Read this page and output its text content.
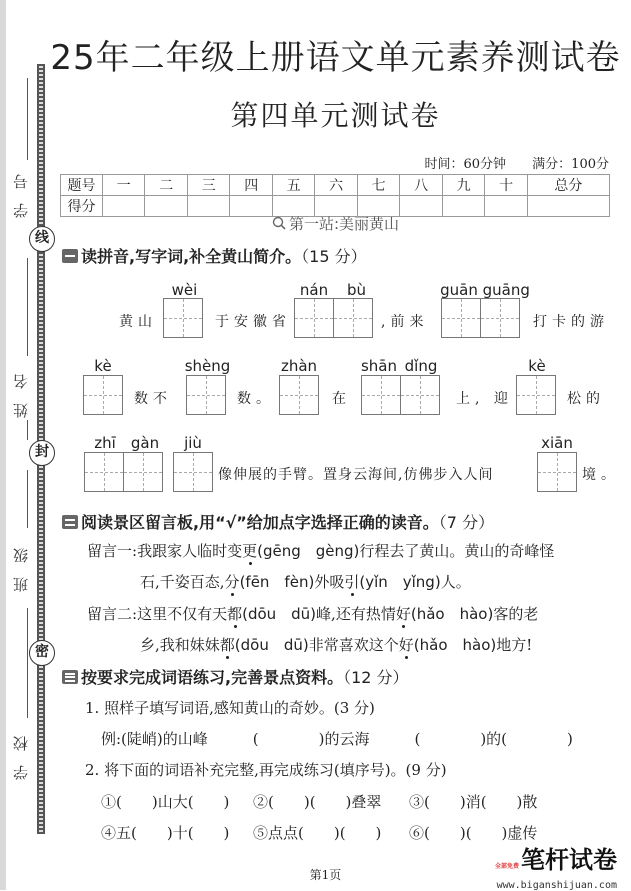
学号
线
姓名
封
班级
密
学校
25年二年级上册语文单元素养测试卷
第四单元测试卷
时间：60分钟 满分：100分
题号	一	二	三	四	五	六	七	八	九	十	总分
得分											
第一站:美丽黄山
读拼音,写字词,补全黄山简介。（15 分）
wèi	nán	bù	guān guāng
黄山	于安徽省	,前来	打卡的游
kè	shèng	zhàn	shān dǐng	kè
数不	数。	在	上, 迎	松的
zhī	gàn	jiù	xiān
像伸展的手臂。置身云海间,仿佛步入人间	境。
阅读景区留言板,用“√”给加点字选择正确的读音。（7 分）
留言一:我跟家人临时变更(gēng　gèng)行程去了黄山。黄山的奇峰怪
石,千姿百态,分(fēn　fèn)外吸引(yǐn　yǐng)人。
留言二:这里不仅有天都(dōu　dū)峰,还有热情好(hǎo　hào)客的老
乡,我和妹妹都(dōu　dū)非常喜欢这个好(hǎo　hào)地方!
按要求完成词语练习,完善景点资料。（12 分）
1. 照样子填写词语,感知黄山的奇妙。(3 分)
例:(陡峭)的山峰　　　(　　　　)的云海　　　(　　　　)的(　　　　)
2. 将下面的词语补充完整,再完成练习(填序号)。(9 分)
①(　　)山大(　　) ②(　　)(　　)叠翠 ③(　　)消(　　)散
④五(　　)十(　　) ⑤点点(　　)(　　) ⑥(　　)(　　)虚传
第1页
全部免费笔杆试卷
www.biganshijuan.com
